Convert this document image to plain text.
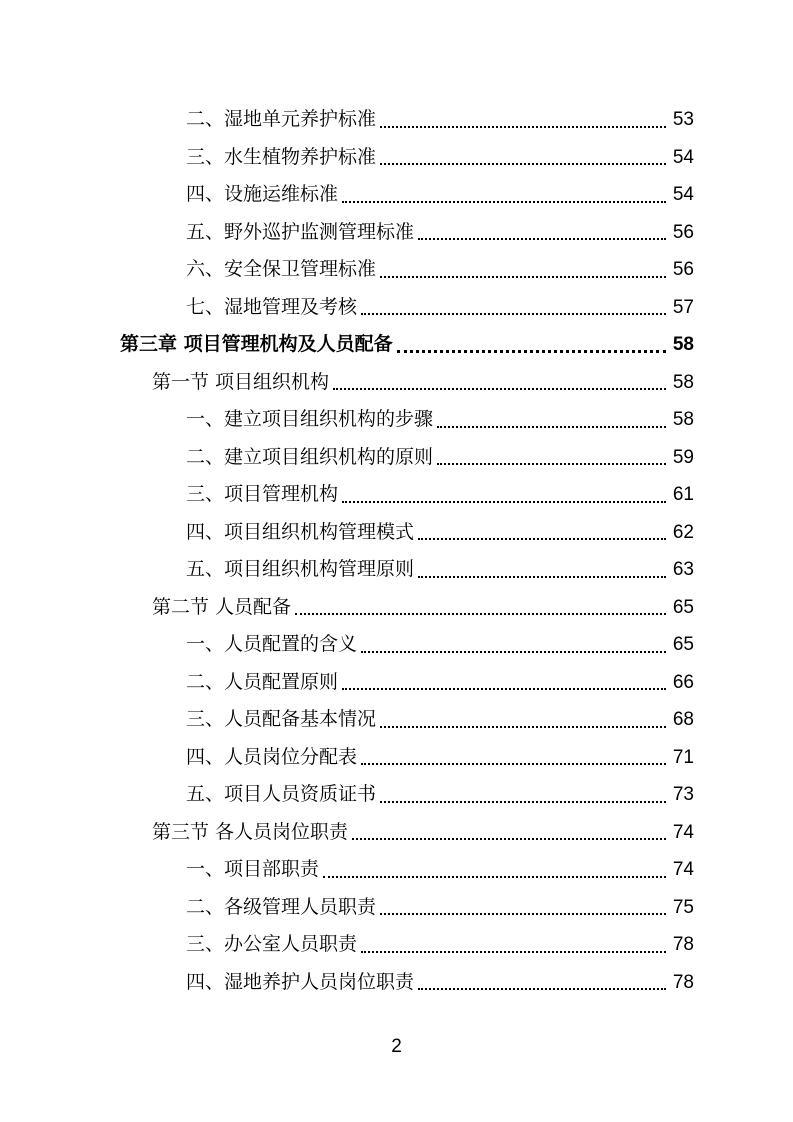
二、湿地单元养护标准	53
三、水生植物养护标准	54
四、设施运维标准	54
五、野外巡护监测管理标准	56
六、安全保卫管理标准	56
七、湿地管理及考核	57
第三章 项目管理机构及人员配备	58
第一节 项目组织机构	58
一、建立项目组织机构的步骤	58
二、建立项目组织机构的原则	59
三、项目管理机构	61
四、项目组织机构管理模式	62
五、项目组织机构管理原则	63
第二节 人员配备	65
一、人员配置的含义	65
二、人员配置原则	66
三、人员配备基本情况	68
四、人员岗位分配表	71
五、项目人员资质证书	73
第三节 各人员岗位职责	74
一、项目部职责	74
二、各级管理人员职责	75
三、办公室人员职责	78
四、湿地养护人员岗位职责	78
2
